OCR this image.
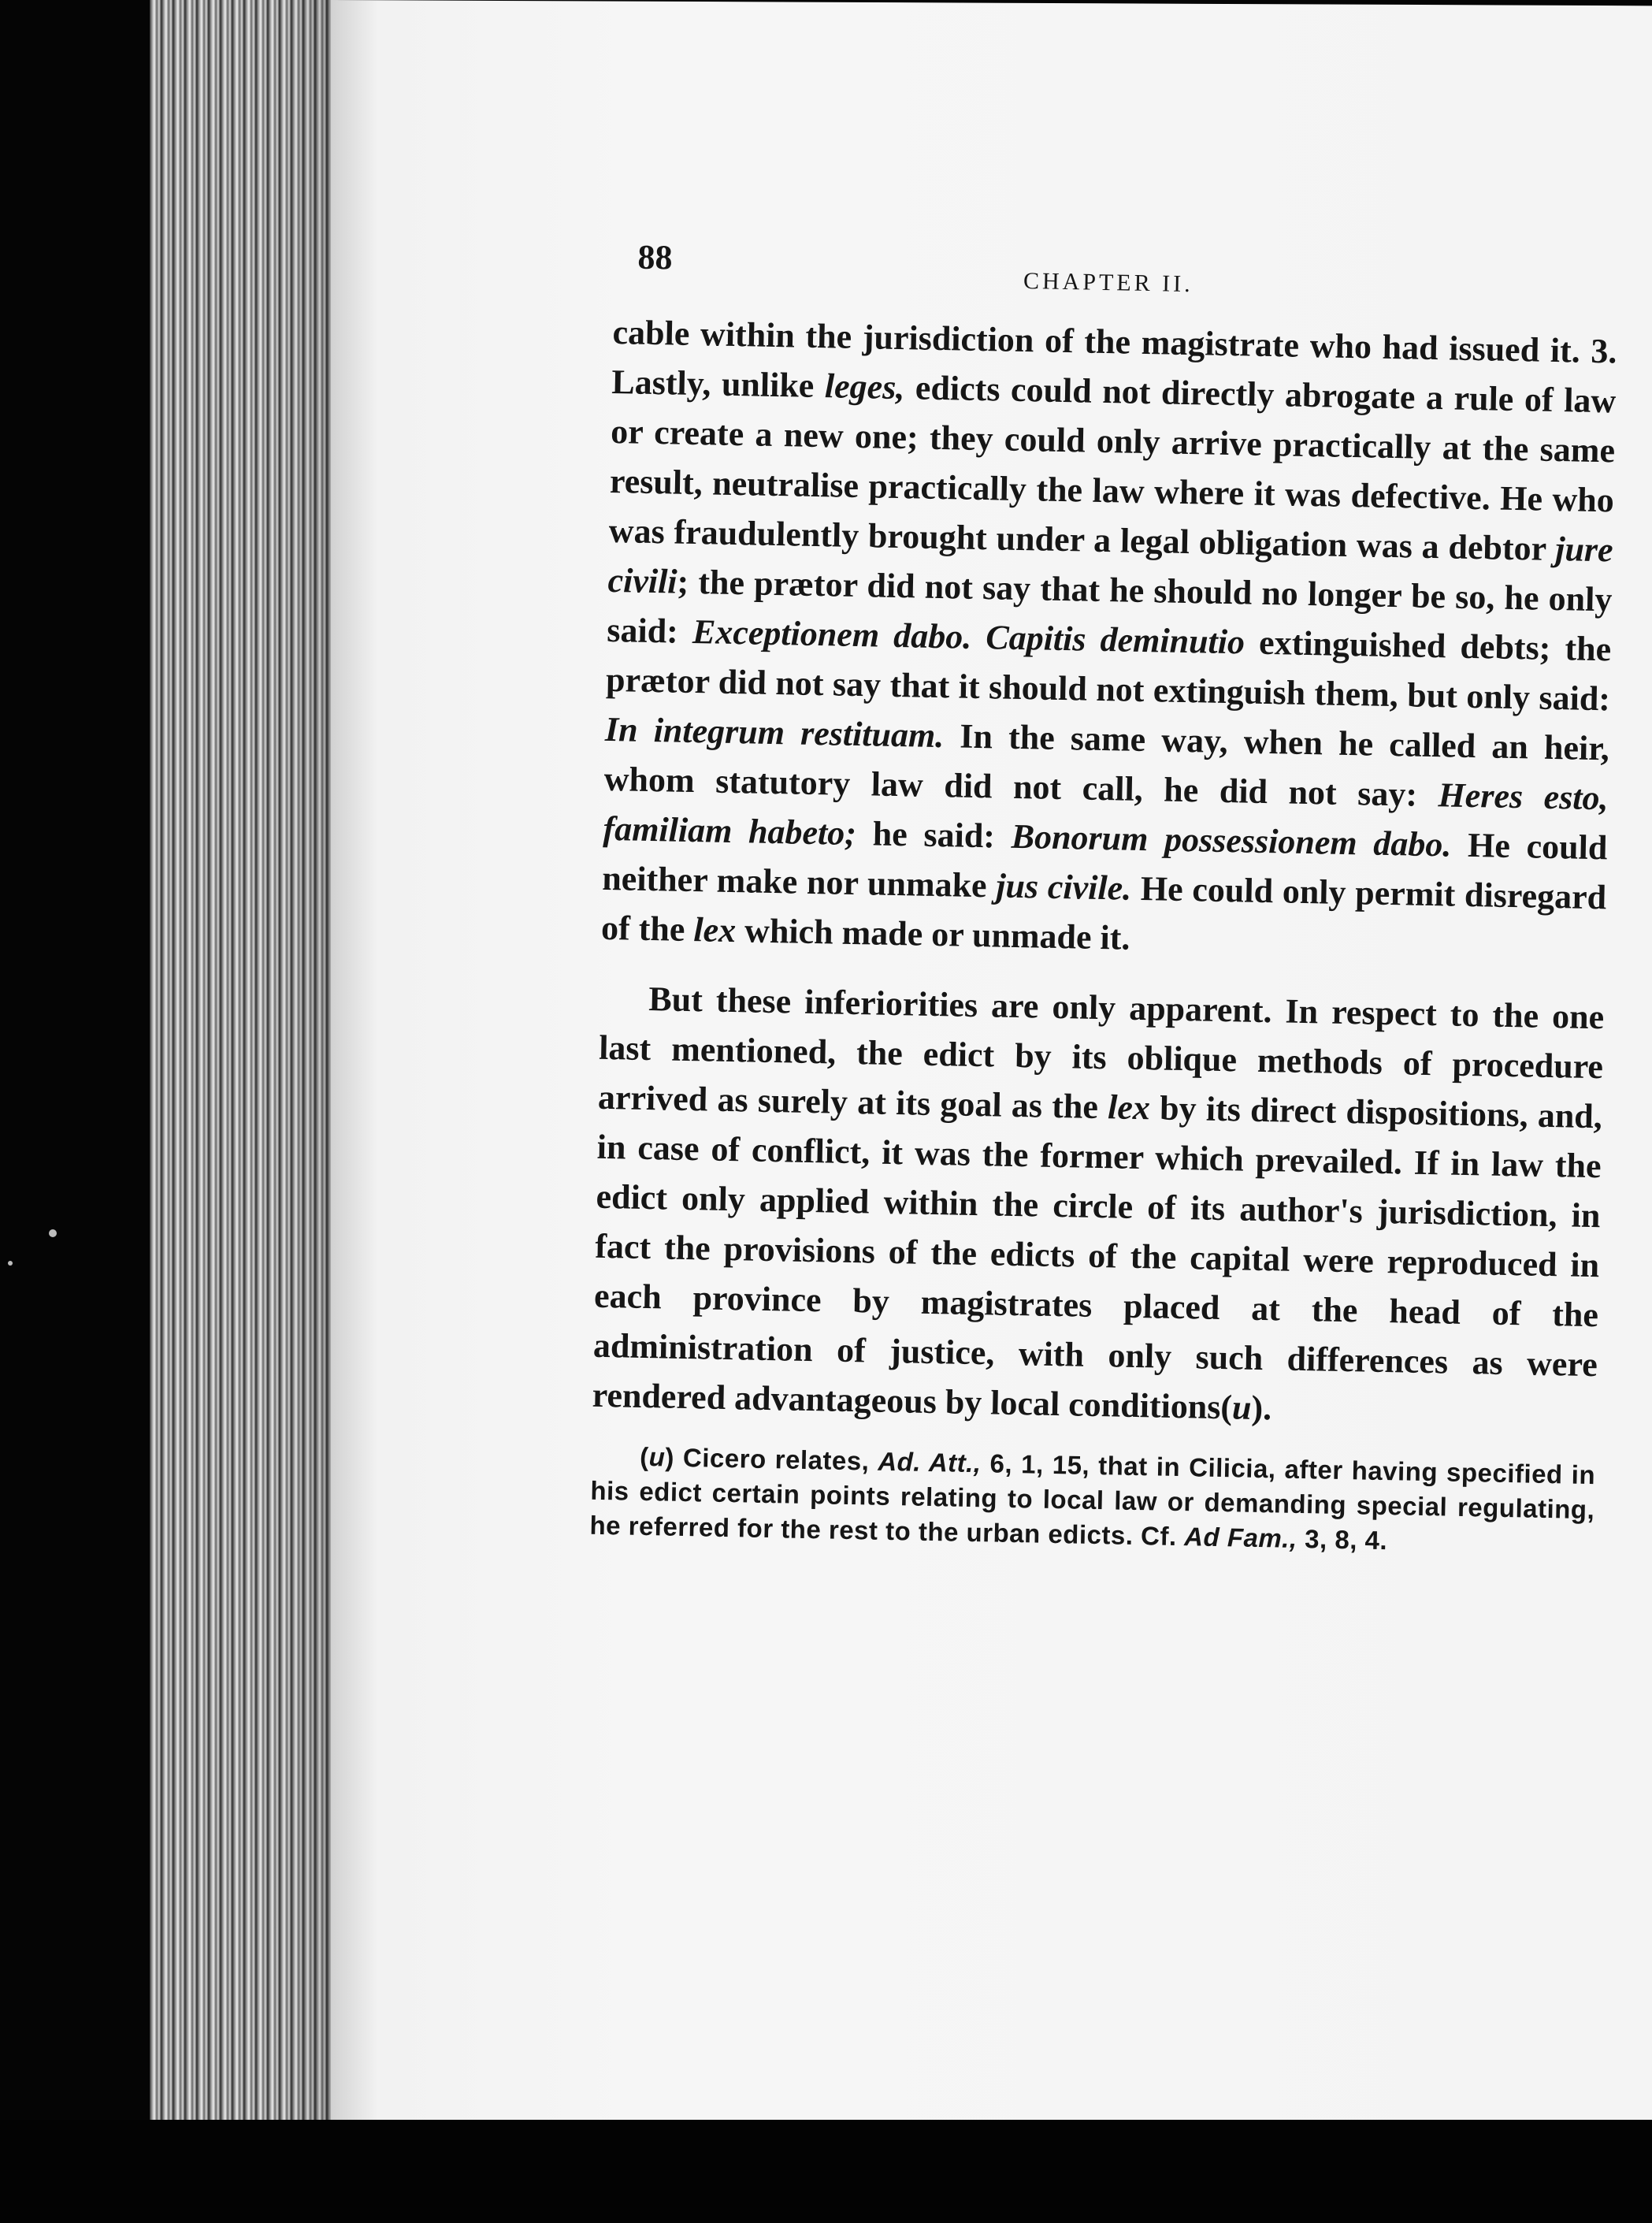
88
CHAPTER II.

cable within the jurisdiction of the magistrate who had issued it. 3. Lastly, unlike leges, edicts could not directly abrogate a rule of law or create a new one; they could only arrive practically at the same result, neutralise practically the law where it was defective. He who was fraudulently brought under a legal obligation was a debtor jure civili; the prætor did not say that he should no longer be so, he only said: Exceptionem dabo. Capitis deminutio extinguished debts; the prætor did not say that it should not extinguish them, but only said: In integrum restituam. In the same way, when he called an heir, whom statutory law did not call, he did not say: Heres esto, familiam habeto; he said: Bonorum possessionem dabo. He could neither make nor unmake jus civile. He could only permit disregard of the lex which made or unmade it.

But these inferiorities are only apparent. In respect to the one last mentioned, the edict by its oblique methods of procedure arrived as surely at its goal as the lex by its direct dispositions, and, in case of conflict, it was the former which prevailed. If in law the edict only applied within the circle of its author's jurisdiction, in fact the provisions of the edicts of the capital were reproduced in each province by magistrates placed at the head of the administration of justice, with only such differences as were rendered advantageous by local conditions(u).

(u) Cicero relates, Ad. Att., 6, 1, 15, that in Cilicia, after having specified in his edict certain points relating to local law or demanding special regulating, he referred for the rest to the urban edicts. Cf. Ad Fam., 3, 8, 4.
